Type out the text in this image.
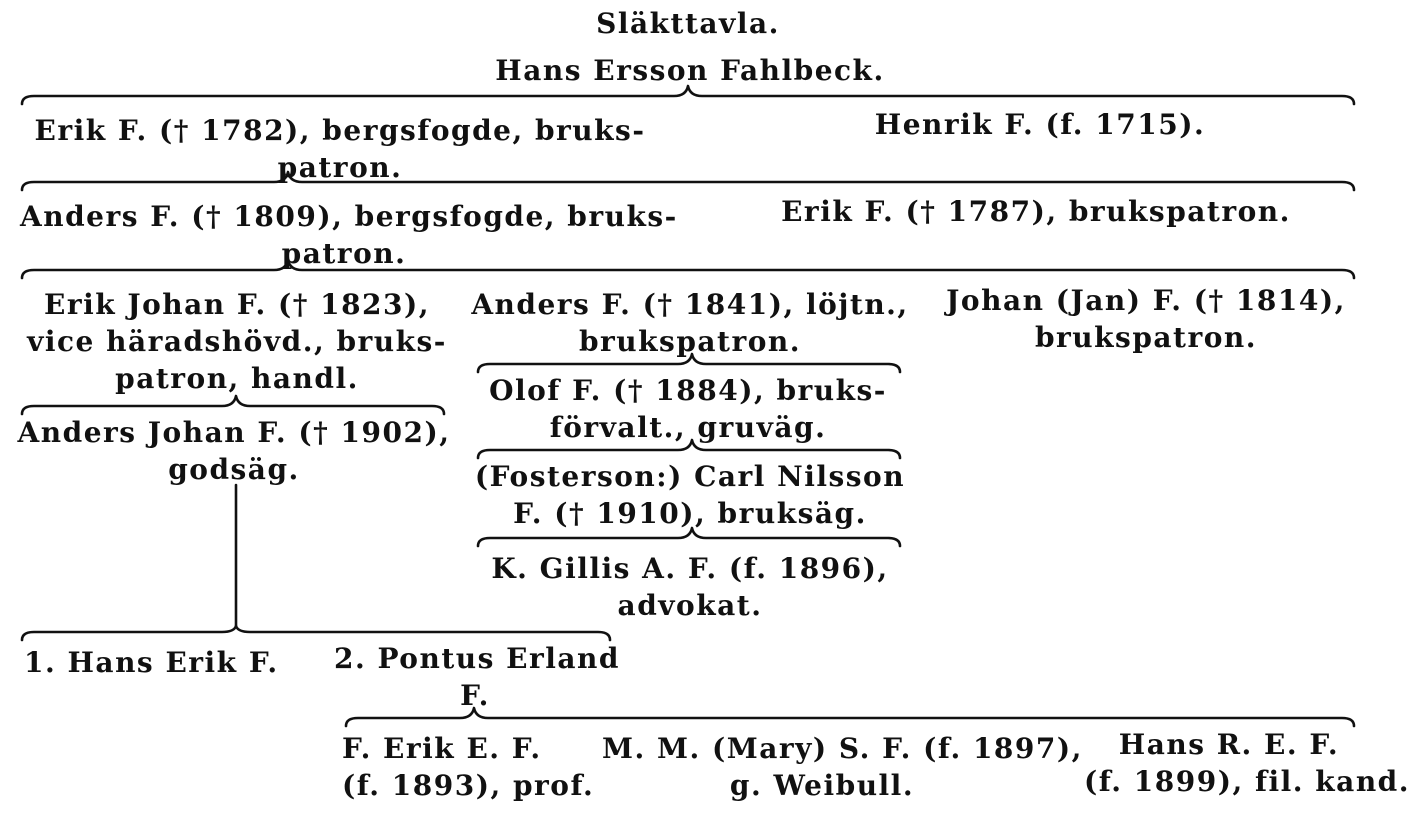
Släkttavla.
Hans Ersson Fahlbeck.
Erik F. († 1782), bergsfogde, bruks-
patron.
Henrik F. (f. 1715).
Anders F. († 1809), bergsfogde, bruks-
patron.
Erik F. († 1787), brukspatron.
Erik Johan F. († 1823),
vice häradshövd., bruks-
patron, handl.
Anders F. († 1841), löjtn.,
brukspatron.
Johan (Jan) F. († 1814),
brukspatron.
Anders Johan F. († 1902),
godsäg.
Olof F. († 1884), bruks-
förvalt., gruväg.
(Fosterson:) Carl Nilsson
F. († 1910), bruksäg.
1. Hans Erik F. 2. Pontus Erland
F.
K. Gillis A. F. (f. 1896),
advokat.
F. Erik E. F.
(f. 1893), prof.
M. M. (Mary) S. F. (f. 1897),
g. Weibull.
Hans R. E. F.
(f. 1899), fil. kand.
